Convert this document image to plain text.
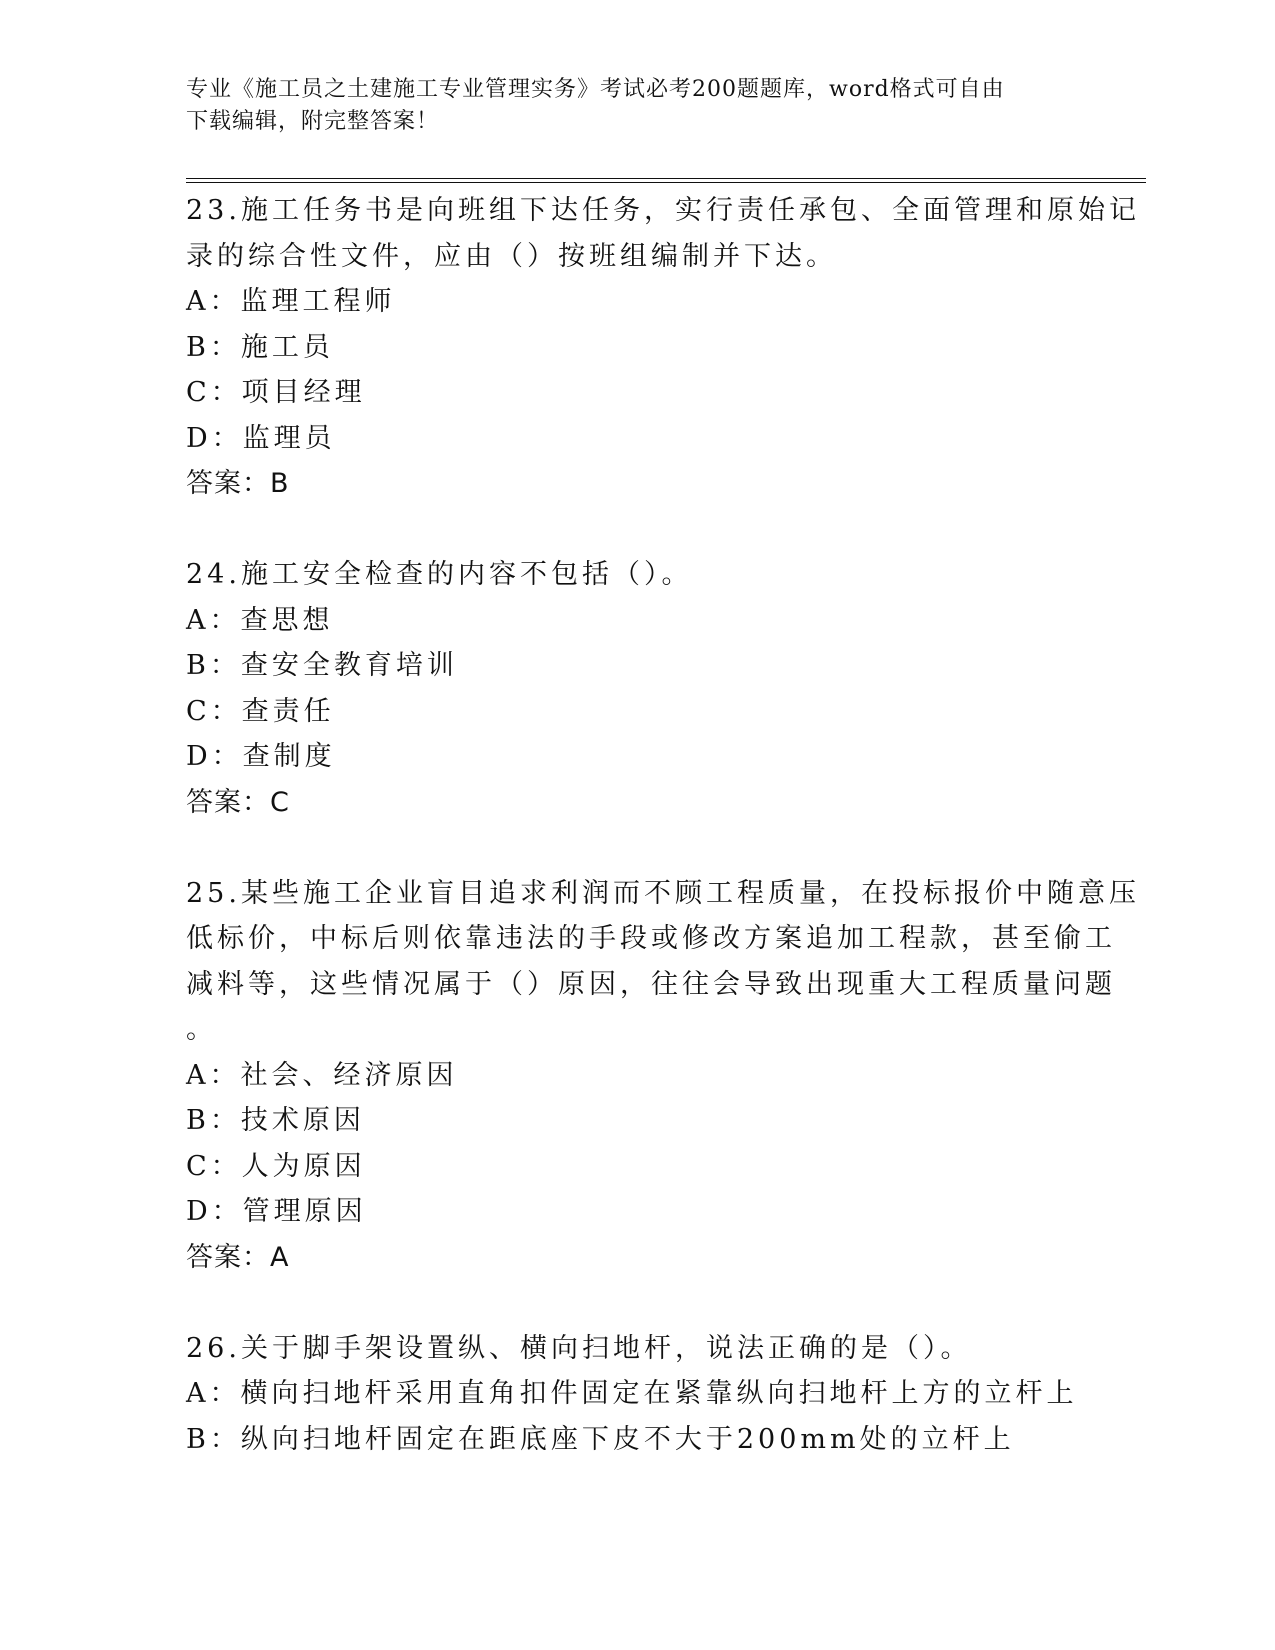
专业《施工员之土建施工专业管理实务》考试必考200题题库，word格式可自由
下载编辑，附完整答案！
23.施工任务书是向班组下达任务，实行责任承包、全面管理和原始记
录的综合性文件，应由（）按班组编制并下达。
A：监理工程师
B：施工员
C：项目经理
D：监理员
答案：B
24.施工安全检查的内容不包括（）。
A：查思想
B：查安全教育培训
C：查责任
D：查制度
答案：C
25.某些施工企业盲目追求利润而不顾工程质量，在投标报价中随意压
低标价，中标后则依靠违法的手段或修改方案追加工程款，甚至偷工
减料等，这些情况属于（）原因，往往会导致出现重大工程质量问题
。
A：社会、经济原因
B：技术原因
C：人为原因
D：管理原因
答案：A
26.关于脚手架设置纵、横向扫地杆，说法正确的是（）。
A：横向扫地杆采用直角扣件固定在紧靠纵向扫地杆上方的立杆上
B：纵向扫地杆固定在距底座下皮不大于200mm处的立杆上
